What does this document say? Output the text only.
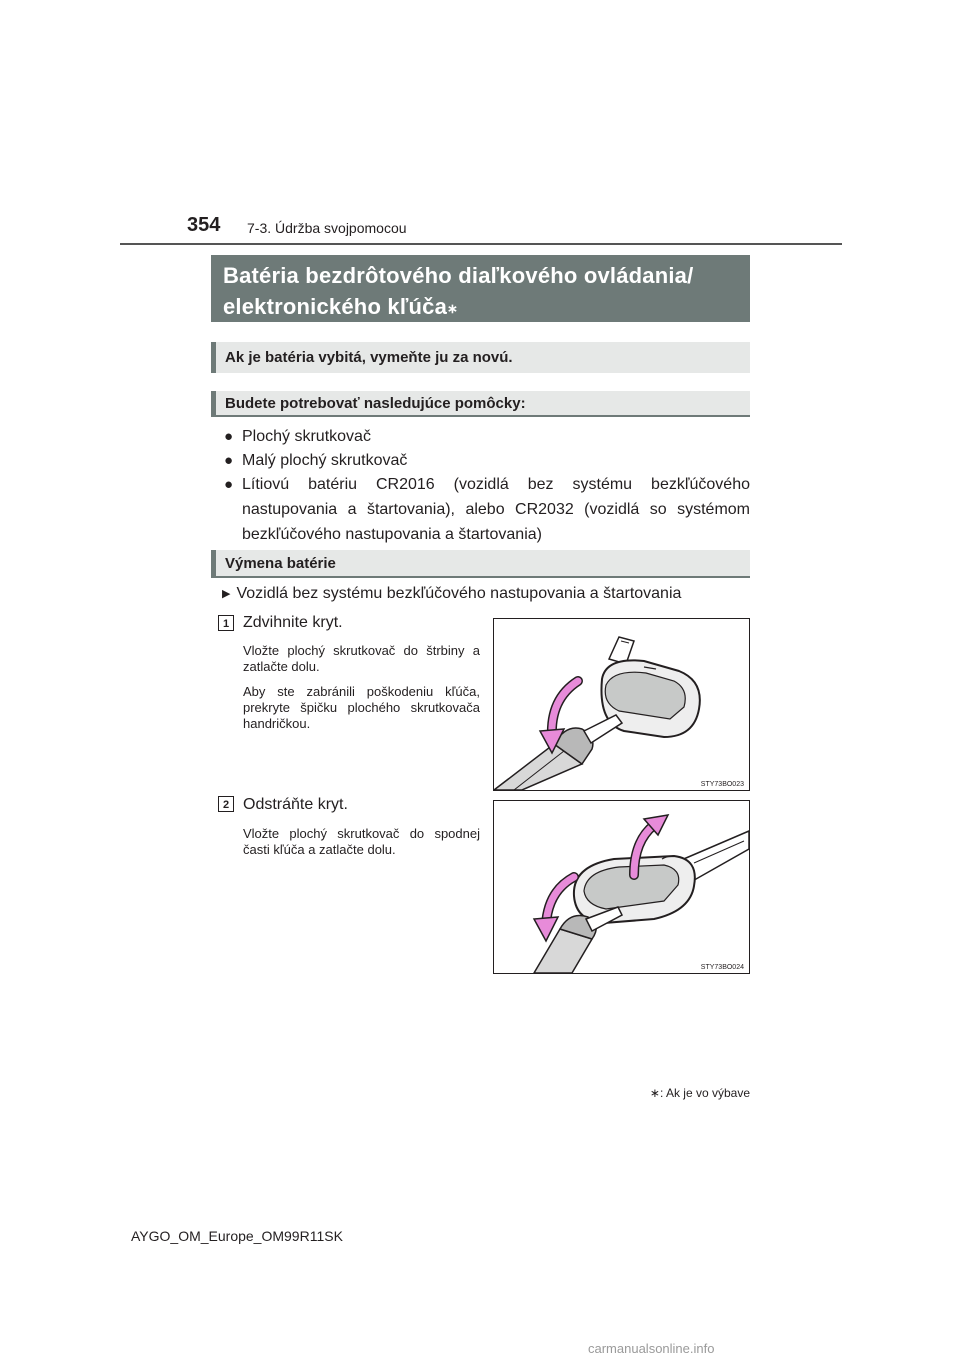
354 7-3. Údržba svojpomocou
Batéria bezdrôtového diaľkového ovládania/
elektronického kľúča∗
Ak je batéria vybitá, vymeňte ju za novú.
Budete potrebovať nasledujúce pomôcky:
● Plochý skrutkovač
● Malý plochý skrutkovač
● Lítiovú batériu CR2016 (vozidlá bez systému bezkľúčového nastupovania a štartovania), alebo CR2032 (vozidlá so systémom bezkľúčového nastupovania a štartovania)
Výmena batérie
▶ Vozidlá bez systému bezkľúčového nastupovania a štartovania
1 Zdvihnite kryt.
Vložte plochý skrutkovač do štrbiny a zatlačte dolu.
Aby ste zabránili poškodeniu kľúča, prekryte špičku plochého skrutkovača handričkou.
STY73BO023
2 Odstráňte kryt.
Vložte plochý skrutkovač do spodnej časti kľúča a zatlačte dolu.
STY73BO024
∗: Ak je vo výbave
AYGO_OM_Europe_OM99R11SK
carmanualsonline.info
